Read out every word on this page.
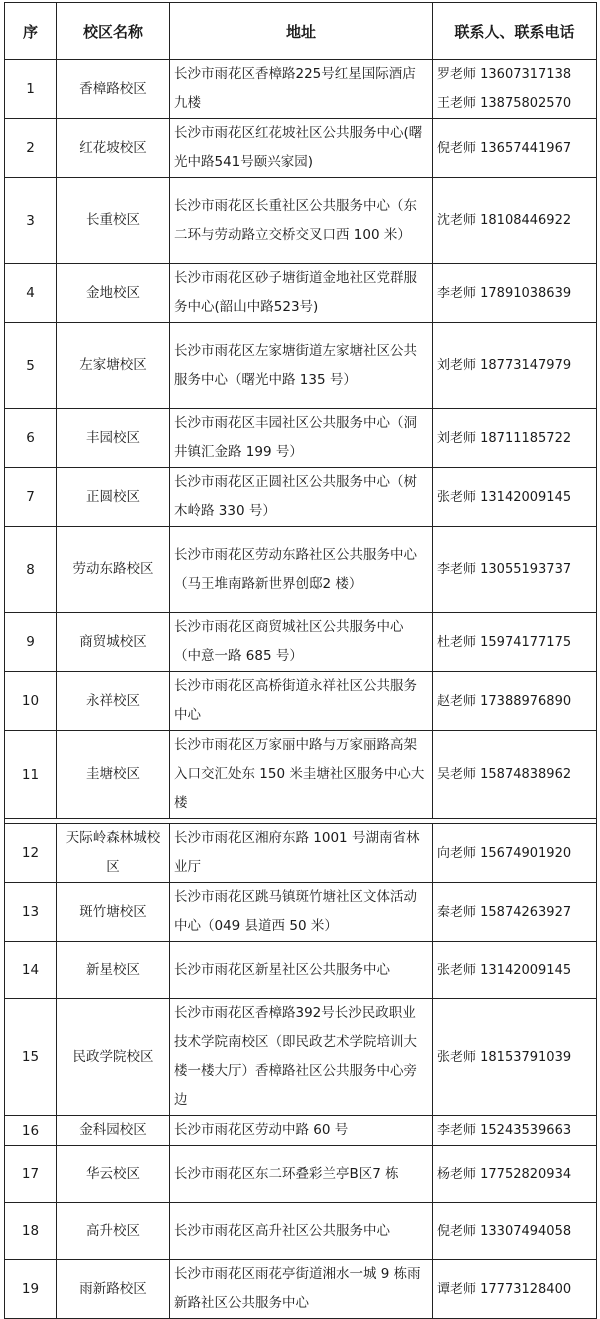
序	校区名称	地址	联系人、联系电话
1	香樟路校区	长沙市雨花区香樟路225号红星国际酒店九楼	罗老师 13607317138
王老师 13875802570

2	红花坡校区	长沙市雨花区红花坡社区公共服务中心(曙光中路541号颐兴家园)	倪老师 13657441967

3	长重校区	长沙市雨花区长重社区公共服务中心（东二环与劳动路立交桥交叉口西 100 米）	沈老师 18108446922

4	金地校区	长沙市雨花区砂子塘街道金地社区党群服务中心(韶山中路523号)	李老师 17891038639

5	左家塘校区	长沙市雨花区左家塘街道左家塘社区公共服务中心（曙光中路 135 号）	刘老师 18773147979

6	丰园校区	长沙市雨花区丰园社区公共服务中心（洞井镇汇金路 199 号）	刘老师 18711185722

7	正圆校区	长沙市雨花区正圆社区公共服务中心（树木岭路 330 号）	张老师 13142009145

8	劳动东路校区	长沙市雨花区劳动东路社区公共服务中心（马王堆南路新世界创邸2 楼）	李老师 13055193737

9	商贸城校区	长沙市雨花区商贸城社区公共服务中心（中意一路 685 号）	杜老师 15974177175

10	永祥校区	长沙市雨花区高桥街道永祥社区公共服务中心	赵老师 17388976890

11	圭塘校区	长沙市雨花区万家丽中路与万家丽路高架入口交汇处东 150 米圭塘社区服务中心大楼	吴老师 15874838962

12	天际岭森林城校区	长沙市雨花区湘府东路 1001 号湖南省林业厅	向老师 15674901920

13	斑竹塘校区	长沙市雨花区跳马镇斑竹塘社区文体活动中心（049 县道西 50 米）	秦老师 15874263927

14	新星校区	长沙市雨花区新星社区公共服务中心	张老师 13142009145

15	民政学院校区	长沙市雨花区香樟路392号长沙民政职业技术学院南校区（即民政艺术学院培训大楼一楼大厅）香樟路社区公共服务中心旁边	张老师 18153791039

16	金科园校区	长沙市雨花区劳动中路 60 号	李老师 15243539663

17	华云校区	长沙市雨花区东二环叠彩兰亭B区7 栋	杨老师 17752820934

18	高升校区	长沙市雨花区高升社区公共服务中心	倪老师 13307494058

19	雨新路校区	长沙市雨花区雨花亭街道湘水一城 9 栋雨新路社区公共服务中心	谭老师 17773128400
